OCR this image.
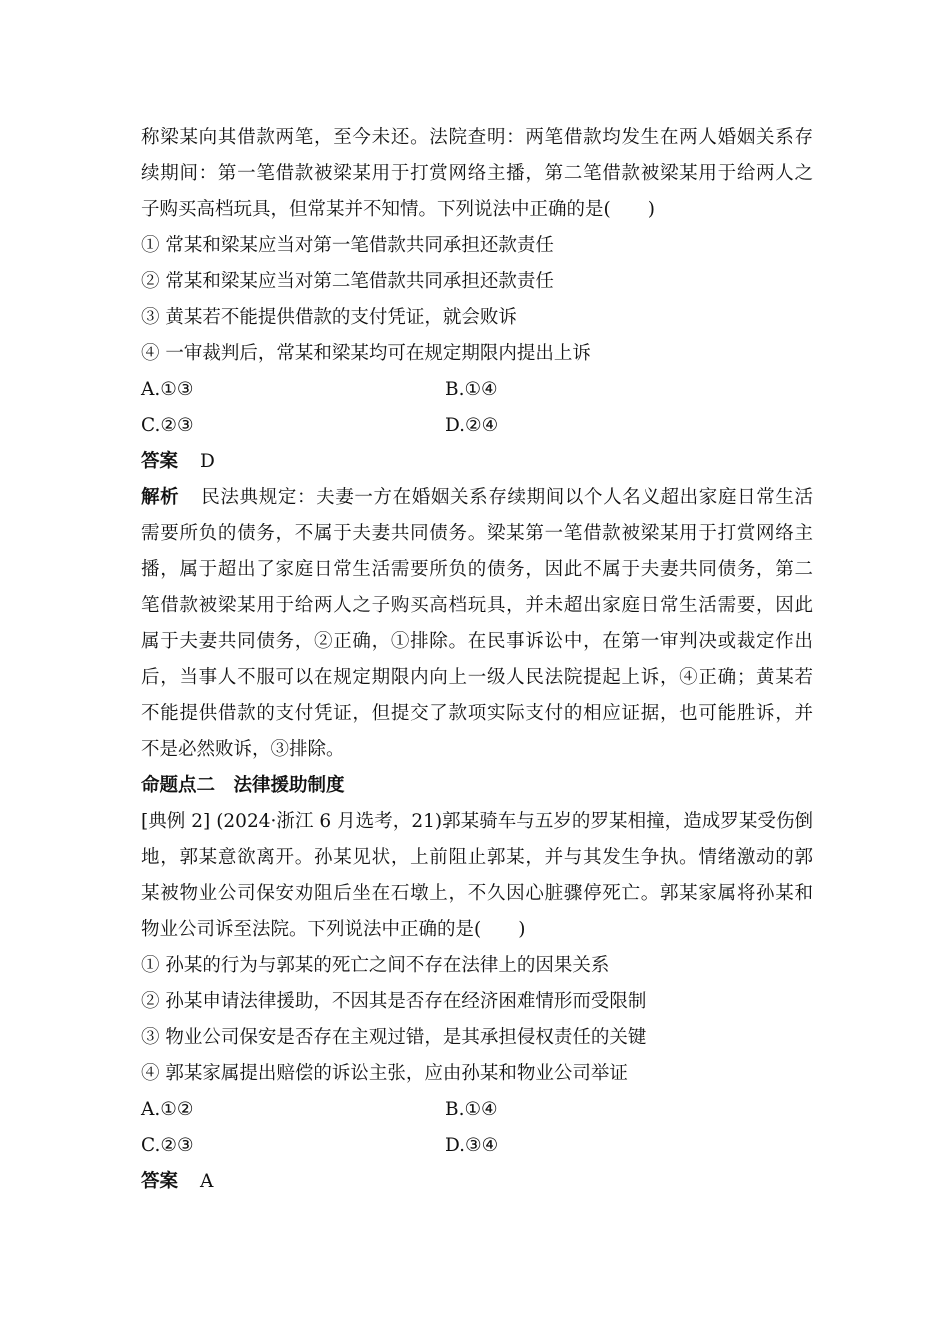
称梁某向其借款两笔，至今未还。法院查明：两笔借款均发生在两人婚姻关系存
续期间：第一笔借款被梁某用于打赏网络主播，第二笔借款被梁某用于给两人之
子购买高档玩具，但常某并不知情。下列说法中正确的是(　　)
① 常某和梁某应当对第一笔借款共同承担还款责任
② 常某和梁某应当对第二笔借款共同承担还款责任
③ 黄某若不能提供借款的支付凭证，就会败诉
④ 一审裁判后，常某和梁某均可在规定期限内提出上诉
A.①③	B.①④
C.②③	D.②④
答案 D
解析 民法典规定：夫妻一方在婚姻关系存续期间以个人名义超出家庭日常生活
需要所负的债务，不属于夫妻共同债务。梁某第一笔借款被梁某用于打赏网络主
播，属于超出了家庭日常生活需要所负的债务，因此不属于夫妻共同债务，第二
笔借款被梁某用于给两人之子购买高档玩具，并未超出家庭日常生活需要，因此
属于夫妻共同债务，②正确，①排除。在民事诉讼中，在第一审判决或裁定作出
后，当事人不服可以在规定期限内向上一级人民法院提起上诉，④正确；黄某若
不能提供借款的支付凭证，但提交了款项实际支付的相应证据，也可能胜诉，并
不是必然败诉，③排除。
命题点二　法律援助制度
[典例 2] (2024·浙江 6 月选考，21)郭某骑车与五岁的罗某相撞，造成罗某受伤倒
地，郭某意欲离开。孙某见状，上前阻止郭某，并与其发生争执。情绪激动的郭
某被物业公司保安劝阻后坐在石墩上，不久因心脏骤停死亡。郭某家属将孙某和
物业公司诉至法院。下列说法中正确的是(　　)
① 孙某的行为与郭某的死亡之间不存在法律上的因果关系
② 孙某申请法律援助，不因其是否存在经济困难情形而受限制
③ 物业公司保安是否存在主观过错，是其承担侵权责任的关键
④ 郭某家属提出赔偿的诉讼主张，应由孙某和物业公司举证
A.①②	B.①④
C.②③	D.③④
答案 A
